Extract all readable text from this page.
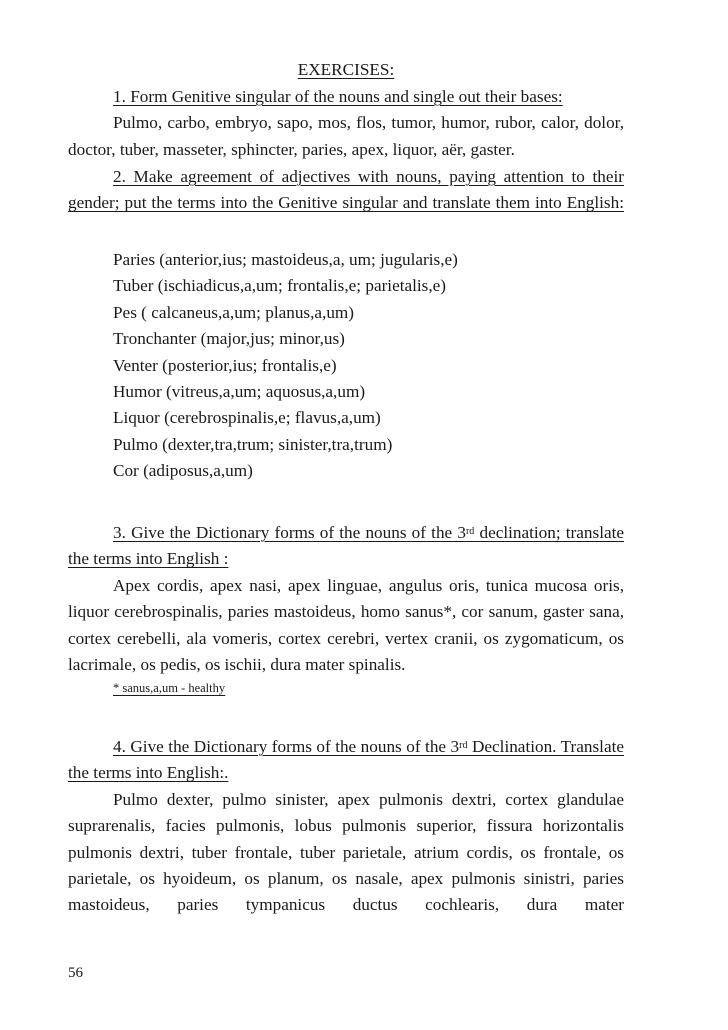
EXERCISES:

1. Form Genitive singular of the nouns and single out their bases:

Pulmo, carbo, embryo, sapo, mos, flos, tumor, humor, rubor, calor, dolor, doctor, tuber, masseter, sphincter, paries, apex, liquor, aër, gaster.

2. Make agreement of adjectives with nouns, paying attention to their gender; put the terms into the Genitive singular and translate them into English:

Paries (anterior,ius; mastoideus,a, um; jugularis,e)

Tuber (ischiadicus,a,um; frontalis,e; parietalis,e)

Pes ( calcaneus,a,um; planus,a,um)

Tronchanter (major,jus; minor,us)

Venter (posterior,ius; frontalis,e)

Humor (vitreus,a,um; aquosus,a,um)

Liquor (cerebrospinalis,e; flavus,a,um)

Pulmo (dexter,tra,trum; sinister,tra,trum)

Cor (adiposus,a,um)

3. Give the Dictionary forms of the nouns of the 3rd declination; translate the terms into English :

Apex cordis, apex nasi, apex linguae, angulus oris, tunica mucosa oris, liquor cerebrospinalis, paries mastoideus, homo sanus*, cor sanum, gaster sana, cortex cerebelli, ala vomeris, cortex cerebri, vertex cranii, os zygomaticum, os lacrimale, os pedis, os ischii, dura mater spinalis.

* sanus,a,um - healthy

4. Give the Dictionary forms of the nouns of the 3rd Declination. Translate the terms into English:.

Pulmo dexter, pulmo sinister, apex pulmonis dextri, cortex glandulae suprarenalis, facies pulmonis, lobus pulmonis superior, fissura horizontalis pulmonis dextri, tuber frontale, tuber parietale, atrium cordis, os frontale, os parietale, os hyoideum, os planum, os nasale, apex pulmonis sinistri, paries mastoideus, paries tympanicus ductus cochlearis, dura mater

56
